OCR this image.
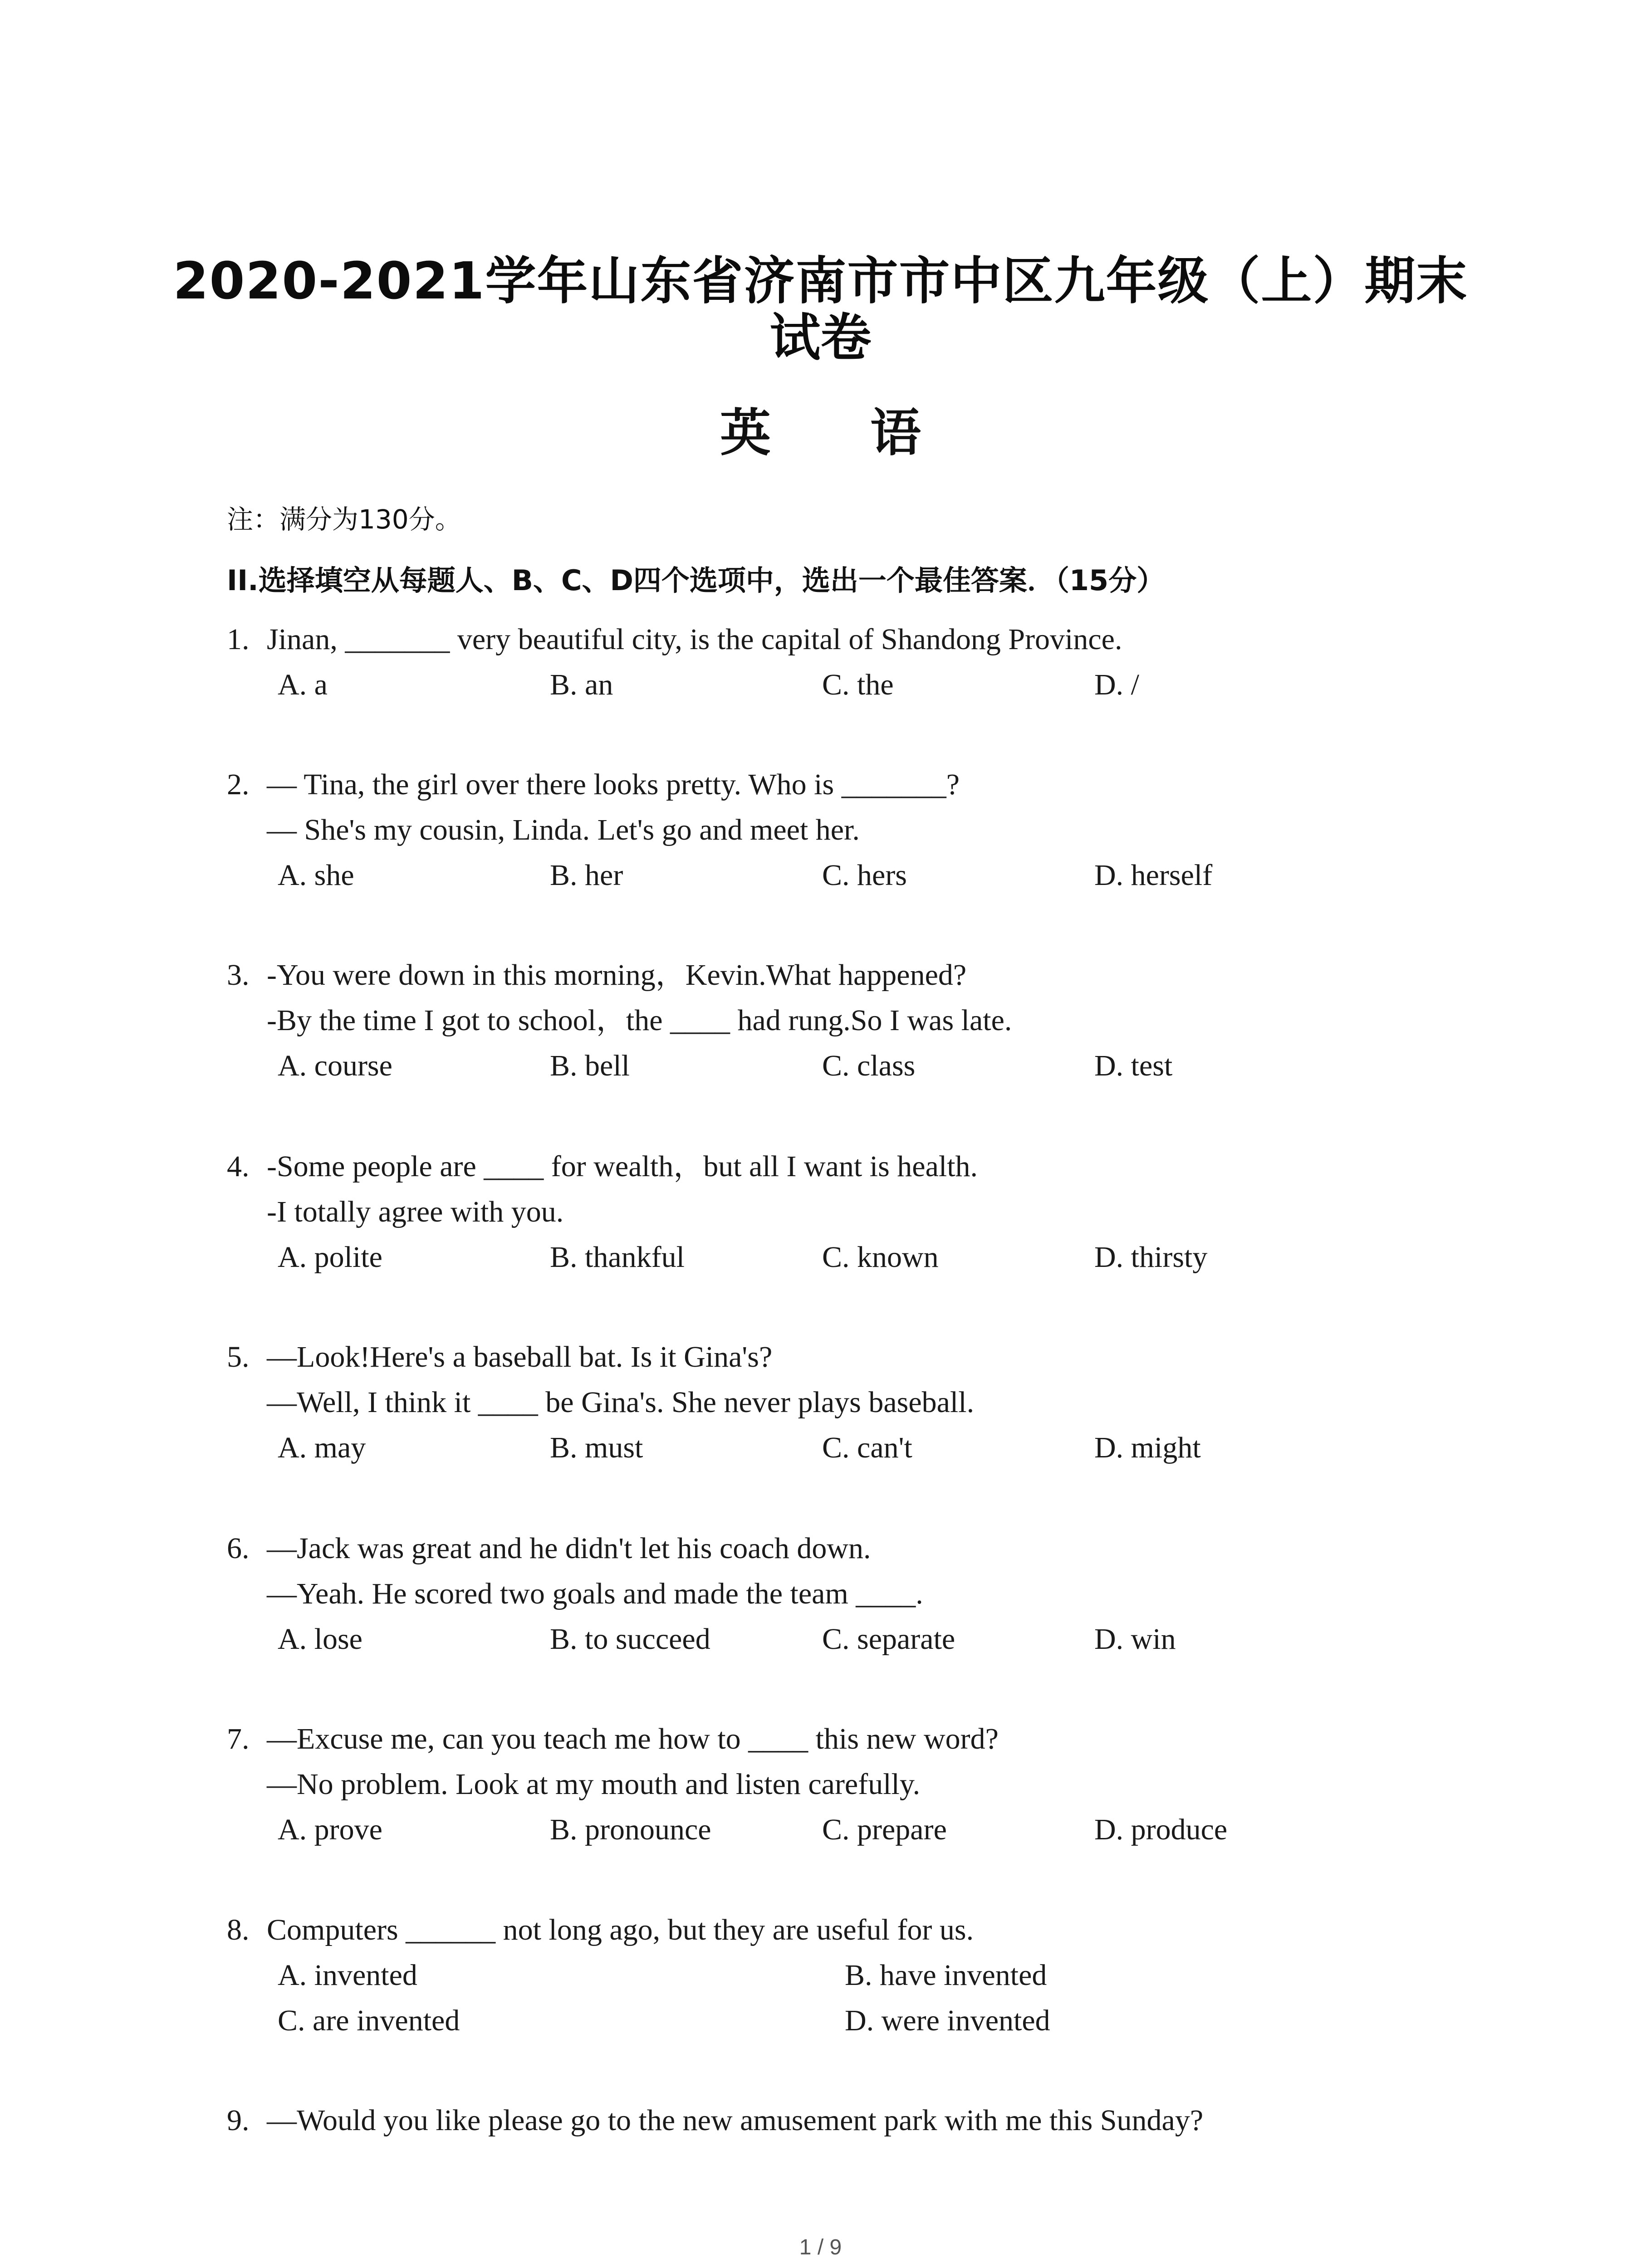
2020-2021学年山东省济南市市中区九年级（上）期末
试卷
英 语
注：满分为130分。
II.选择填空从每题人、B、C、D四个选项中，选出一个最佳答案．（15分）
1. Jinan, _______ very beautiful city, is the capital of Shandong Province.
A. a	B. an	C. the	D. /
2. — Tina, the girl over there looks pretty. Who is _______?
— She's my cousin, Linda. Let's go and meet her.
A. she	B. her	C. hers	D. herself
3. -You were down in this morning，Kevin.What happened?
-By the time I got to school，the ____ had rung.So I was late.
A. course	B. bell	C. class	D. test
4. -Some people are ____ for wealth，but all I want is health.
-I totally agree with you.
A. polite	B. thankful	C. known	D. thirsty
5. —Look!Here's a baseball bat. Is it Gina's?
—Well, I think it ____ be Gina's. She never plays baseball.
A. may	B. must	C. can't	D. might
6. —Jack was great and he didn't let his coach down.
—Yeah. He scored two goals and made the team ____.
A. lose	B. to succeed	C. separate	D. win
7. —Excuse me, can you teach me how to ____ this new word?
—No problem. Look at my mouth and listen carefully.
A. prove	B. pronounce	C. prepare	D. produce
8. Computers ______ not long ago, but they are useful for us.
A. invented	B. have invented
C. are invented	D. were invented
9. —Would you like please go to the new amusement park with me this Sunday?
1 / 9
